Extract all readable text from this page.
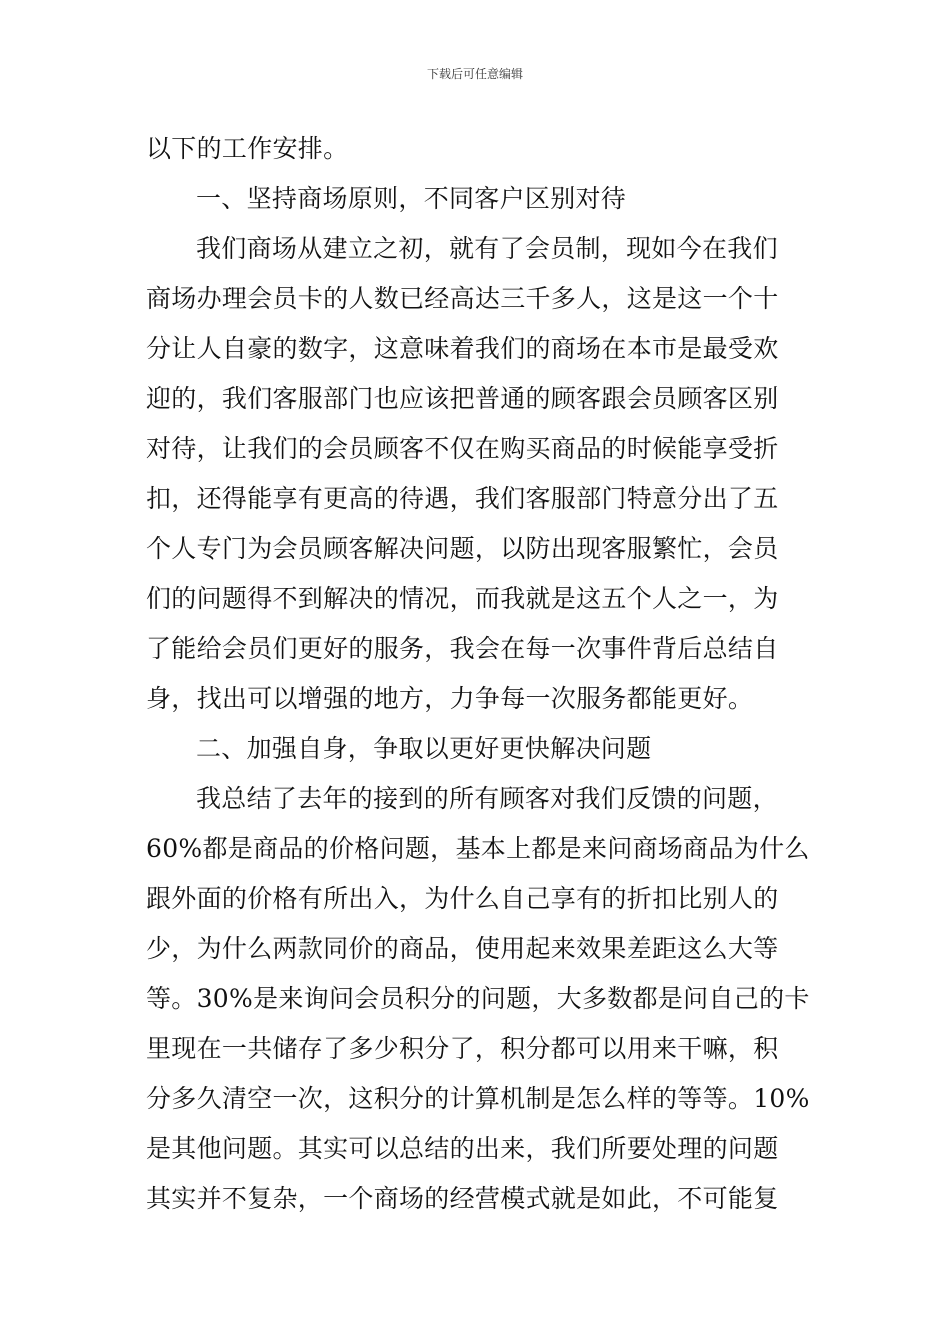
下载后可任意编辑
以下的工作安排。
一、坚持商场原则，不同客户区别对待
我们商场从建立之初，就有了会员制，现如今在我们
商场办理会员卡的人数已经高达三千多人，这是这一个十
分让人自豪的数字，这意味着我们的商场在本市是最受欢
迎的，我们客服部门也应该把普通的顾客跟会员顾客区别
对待，让我们的会员顾客不仅在购买商品的时候能享受折
扣，还得能享有更高的待遇，我们客服部门特意分出了五
个人专门为会员顾客解决问题，以防出现客服繁忙，会员
们的问题得不到解决的情况，而我就是这五个人之一，为
了能给会员们更好的服务，我会在每一次事件背后总结自
身，找出可以增强的地方，力争每一次服务都能更好。
二、加强自身，争取以更好更快解决问题
我总结了去年的接到的所有顾客对我们反馈的问题，
60%都是商品的价格问题，基本上都是来问商场商品为什么
跟外面的价格有所出入，为什么自己享有的折扣比别人的
少，为什么两款同价的商品，使用起来效果差距这么大等
等。30%是来询问会员积分的问题，大多数都是问自己的卡
里现在一共储存了多少积分了，积分都可以用来干嘛，积
分多久清空一次，这积分的计算机制是怎么样的等等。10%
是其他问题。其实可以总结的出来，我们所要处理的问题
其实并不复杂，一个商场的经营模式就是如此，不可能复
